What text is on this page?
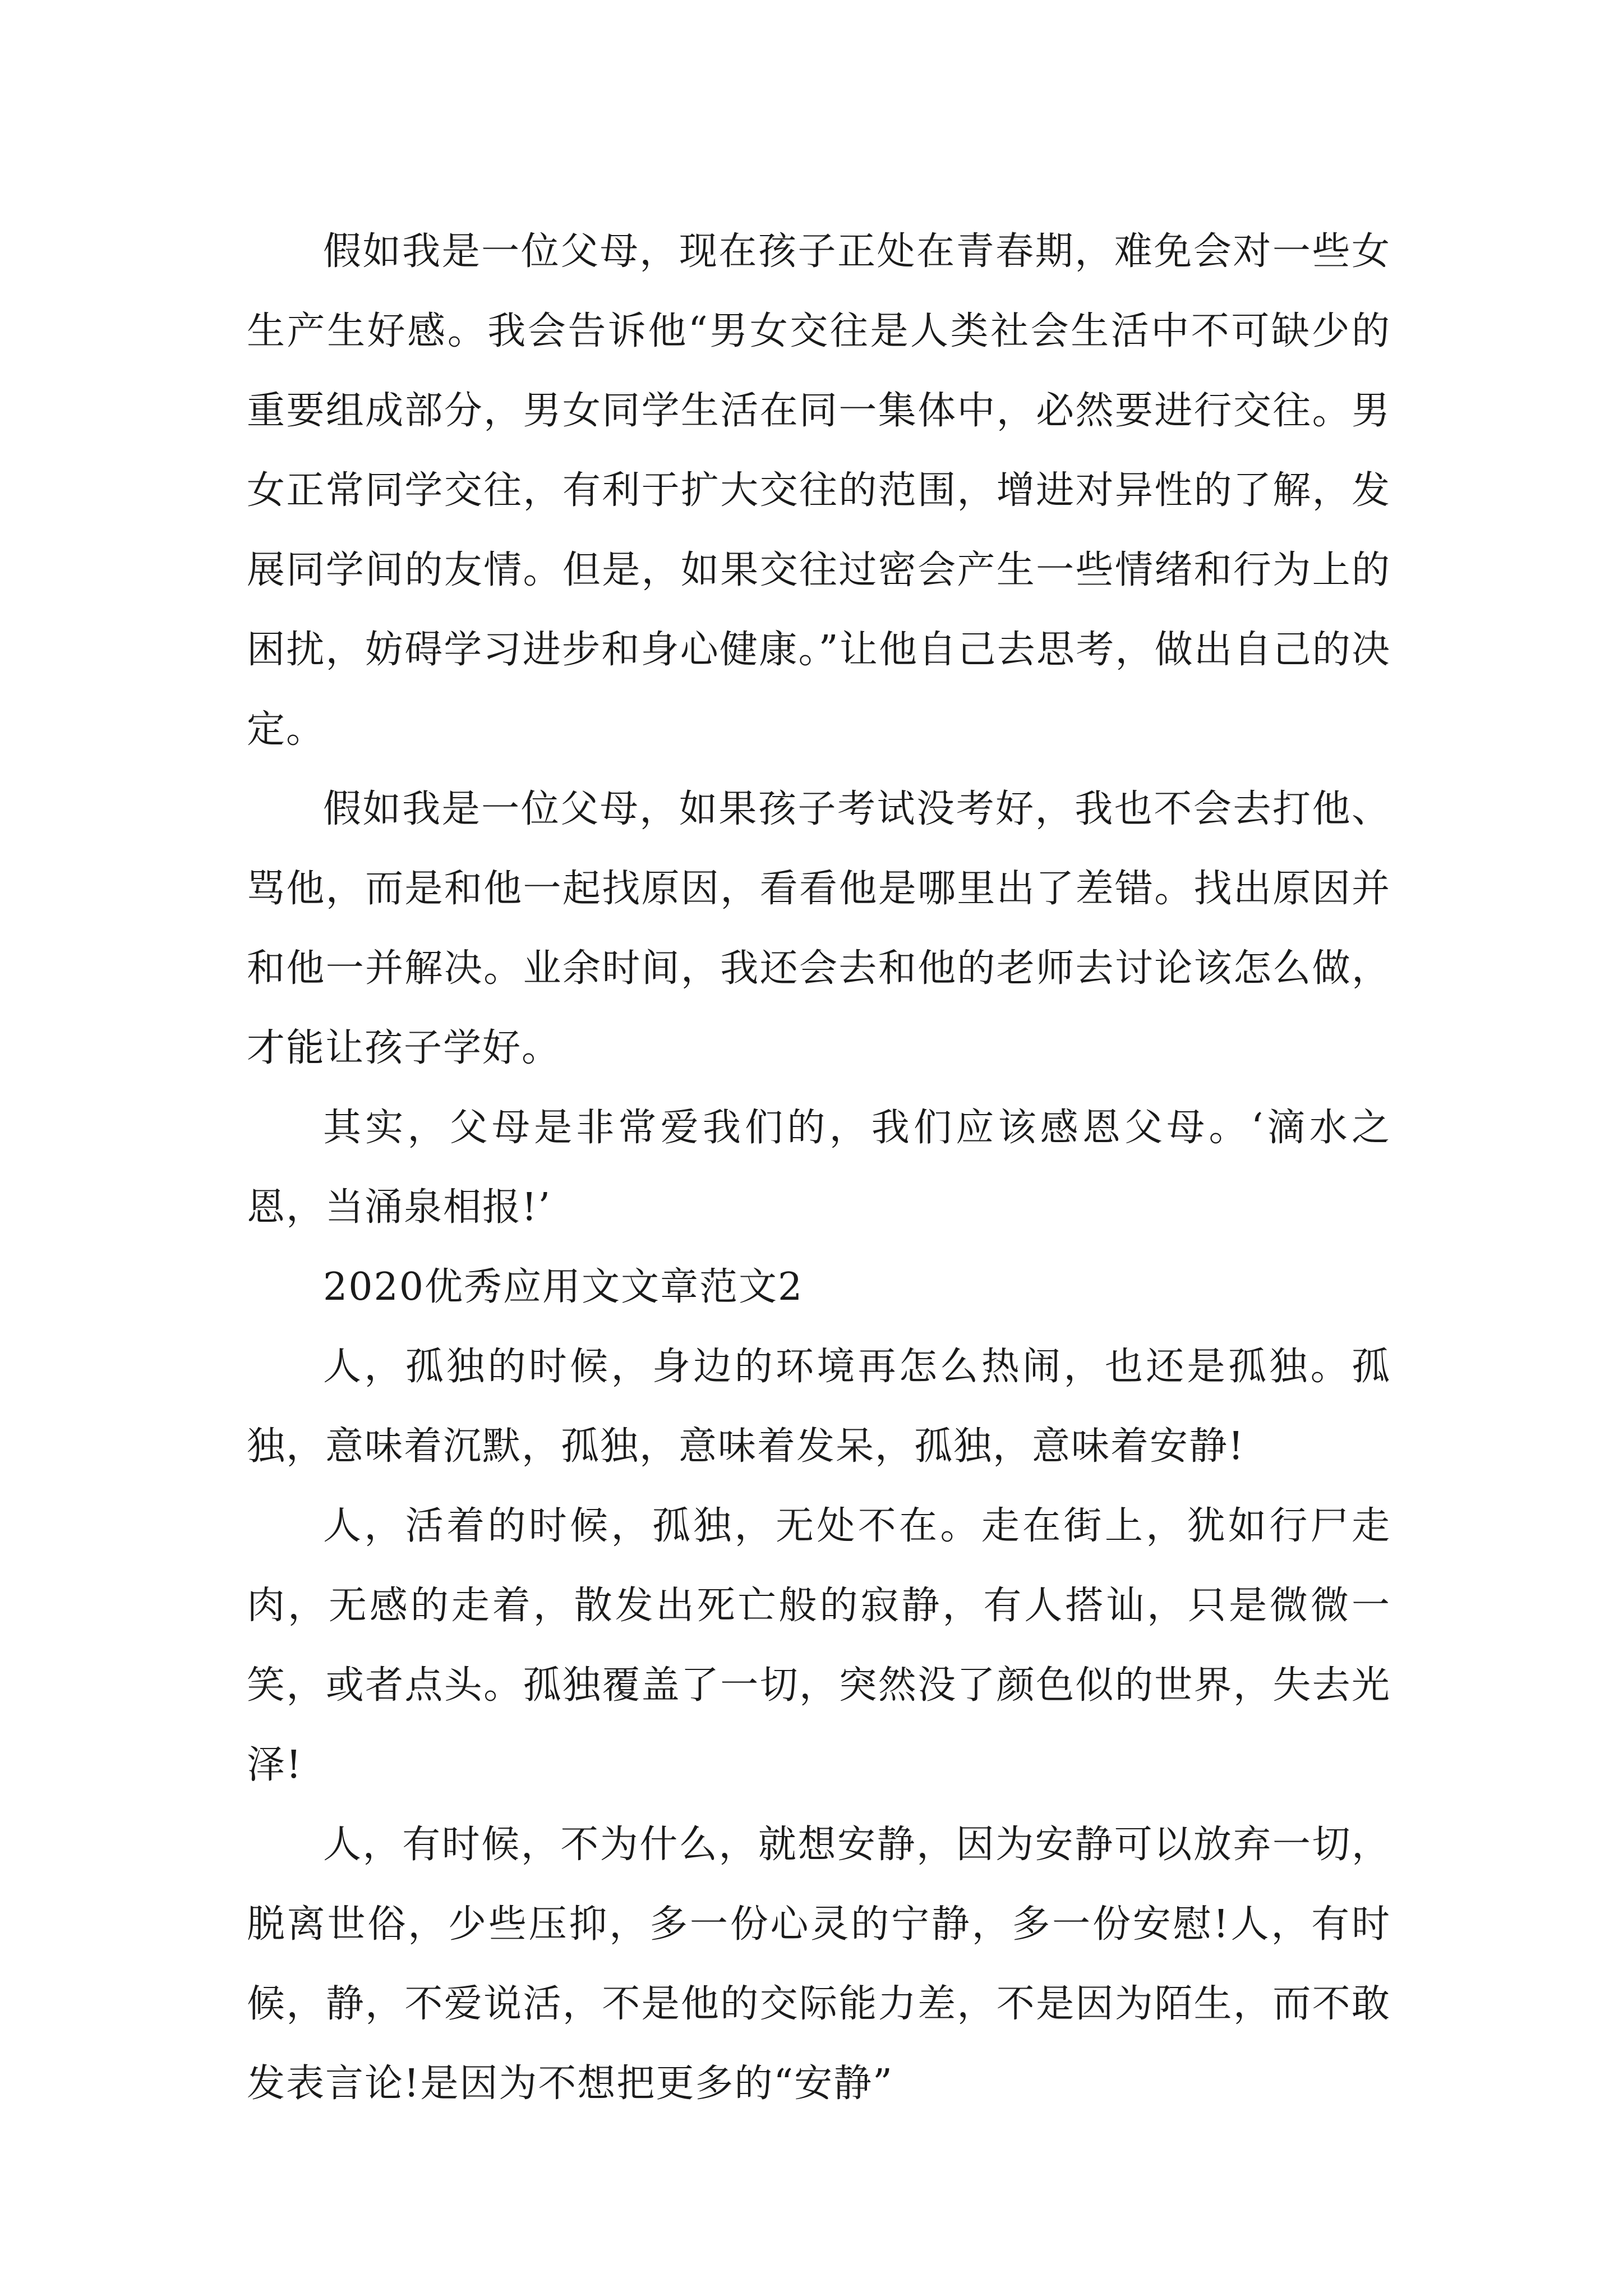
假如我是一位父母，现在孩子正处在青春期，难免会对一些女生产生好感。我会告诉他“男女交往是人类社会生活中不可缺少的重要组成部分，男女同学生活在同一集体中，必然要进行交往。男女正常同学交往，有利于扩大交往的范围，增进对异性的了解，发展同学间的友情。但是，如果交往过密会产生一些情绪和行为上的困扰，妨碍学习进步和身心健康。”让他自己去思考，做出自己的决定。

假如我是一位父母，如果孩子考试没考好，我也不会去打他、骂他，而是和他一起找原因，看看他是哪里出了差错。找出原因并和他一并解决。业余时间，我还会去和他的老师去讨论该怎么做，才能让孩子学好。

其实，父母是非常爱我们的，我们应该感恩父母。‘滴水之恩，当涌泉相报!’

2020优秀应用文文章范文2

人，孤独的时候，身边的环境再怎么热闹，也还是孤独。孤独，意味着沉默，孤独，意味着发呆，孤独，意味着安静!

人，活着的时候，孤独，无处不在。走在街上，犹如行尸走肉，无感的走着，散发出死亡般的寂静，有人搭讪，只是微微一笑，或者点头。孤独覆盖了一切，突然没了颜色似的世界，失去光泽!

人，有时候，不为什么，就想安静，因为安静可以放弃一切，脱离世俗，少些压抑，多一份心灵的宁静，多一份安慰!人，有时候，静，不爱说活，不是他的交际能力差，不是因为陌生，而不敢发表言论!是因为不想把更多的“安静”
